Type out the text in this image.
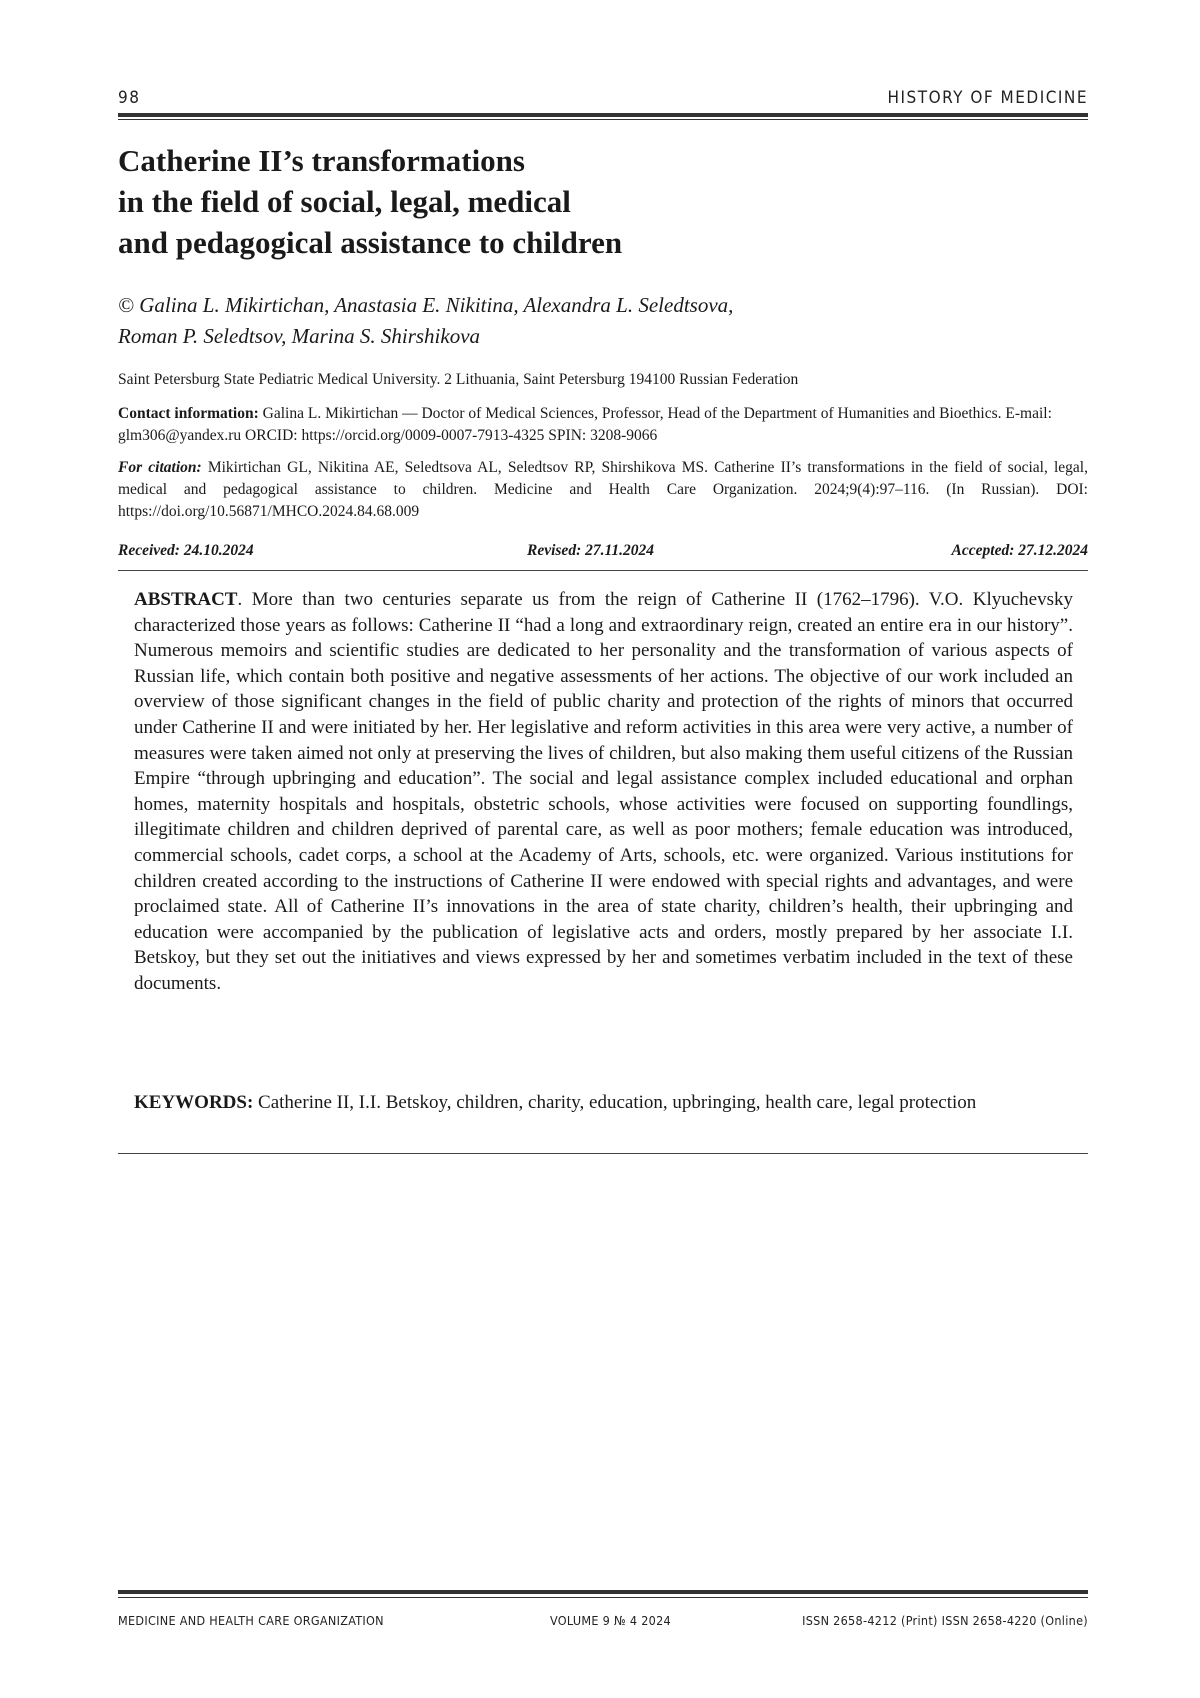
98	HISTORY OF MEDICINE
Catherine II’s transformations
in the field of social, legal, medical
and pedagogical assistance to children

© Galina L. Mikirtichan, Anastasia E. Nikitina, Alexandra L. Seledtsova,
Roman P. Seledtsov, Marina S. Shirshikova

Saint Petersburg State Pediatric Medical University. 2 Lithuania, Saint Petersburg 194100 Russian Federation
Contact information: Galina L. Mikirtichan — Doctor of Medical Sciences, Professor, Head of the Department of Humanities and Bioethics. E-mail: glm306@yandex.ru ORCID: https://orcid.org/0009-0007-7913-4325 SPIN: 3208-9066
For citation: Mikirtichan GL, Nikitina AE, Seledtsova AL, Seledtsov RP, Shirshikova MS. Catherine II’s transformations in the field of social, legal, medical and pedagogical assistance to children. Medicine and Health Care Organization. 2024;9(4):97–116. (In Russian). DOI: https://doi.org/10.56871/MHCO.2024.84.68.009
Received: 24.10.2024	Revised: 27.11.2024	Accepted: 27.12.2024

ABSTRACT. More than two centuries separate us from the reign of Catherine II (1762–1796). V.O. Klyuchevsky characterized those years as follows: Catherine II “had a long and extraordinary reign, created an entire era in our history”. Numerous memoirs and scientific studies are dedicated to her personality and the transformation of various aspects of Russian life, which contain both positive and negative assessments of her actions. The objective of our work included an overview of those significant changes in the field of public charity and protection of the rights of minors that occurred under Catherine II and were initiated by her. Her legislative and reform activities in this area were very active, a number of measures were taken aimed not only at preserving the lives of children, but also making them useful citizens of the Russian Empire “through upbringing and education”. The social and legal assistance complex included educational and orphan homes, maternity hospitals and hospitals, obstetric schools, whose activities were focused on supporting foundlings, illegitimate children and children deprived of parental care, as well as poor mothers; female education was introduced, commercial schools, cadet corps, a school at the Academy of Arts, schools, etc. were organized. Various institutions for children created according to the instructions of Catherine II were endowed with special rights and advantages, and were proclaimed state. All of Catherine II’s innovations in the area of state charity, children’s health, their upbringing and education were accompanied by the publication of legislative acts and orders, mostly prepared by her associate I.I. Betskoy, but they set out the initiatives and views expressed by her and sometimes verbatim included in the text of these documents.

KEYWORDS: Catherine II, I.I. Betskoy, children, charity, education, upbringing, health care, legal protection

MEDICINE AND HEALTH CARE ORGANIZATION	VOLUME 9 № 4 2024	ISSN 2658-4212 (Print) ISSN 2658-4220 (Online)
